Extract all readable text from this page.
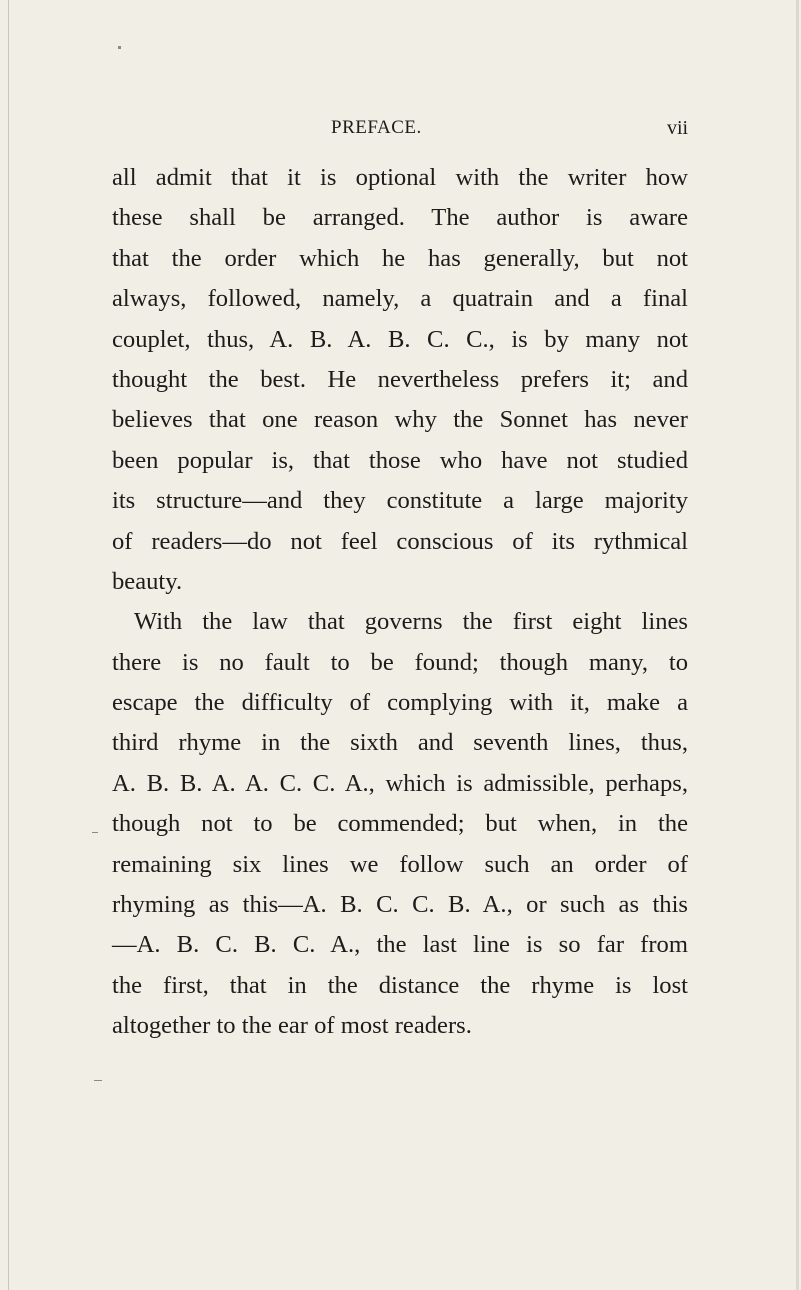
PREFACE.	vii
all admit that it is optional with the writer how
these shall be arranged. The author is aware
that the order which he has generally, but not
always, followed, namely, a quatrain and a final
couplet, thus, A. B. A. B. C. C., is by many not
thought the best. He nevertheless prefers it; and
believes that one reason why the Sonnet has never
been popular is, that those who have not studied
its structure—and they constitute a large majority
of readers—do not feel conscious of its rythmical
beauty.
With the law that governs the first eight lines
there is no fault to be found; though many, to
escape the difficulty of complying with it, make a
third rhyme in the sixth and seventh lines, thus,
A. B. B. A. A. C. C. A., which is admissible, perhaps,
though not to be commended; but when, in the
remaining six lines we follow such an order of
rhyming as this—A. B. C. C. B. A., or such as this
—A. B. C. B. C. A., the last line is so far from
the first, that in the distance the rhyme is lost
altogether to the ear of most readers.
